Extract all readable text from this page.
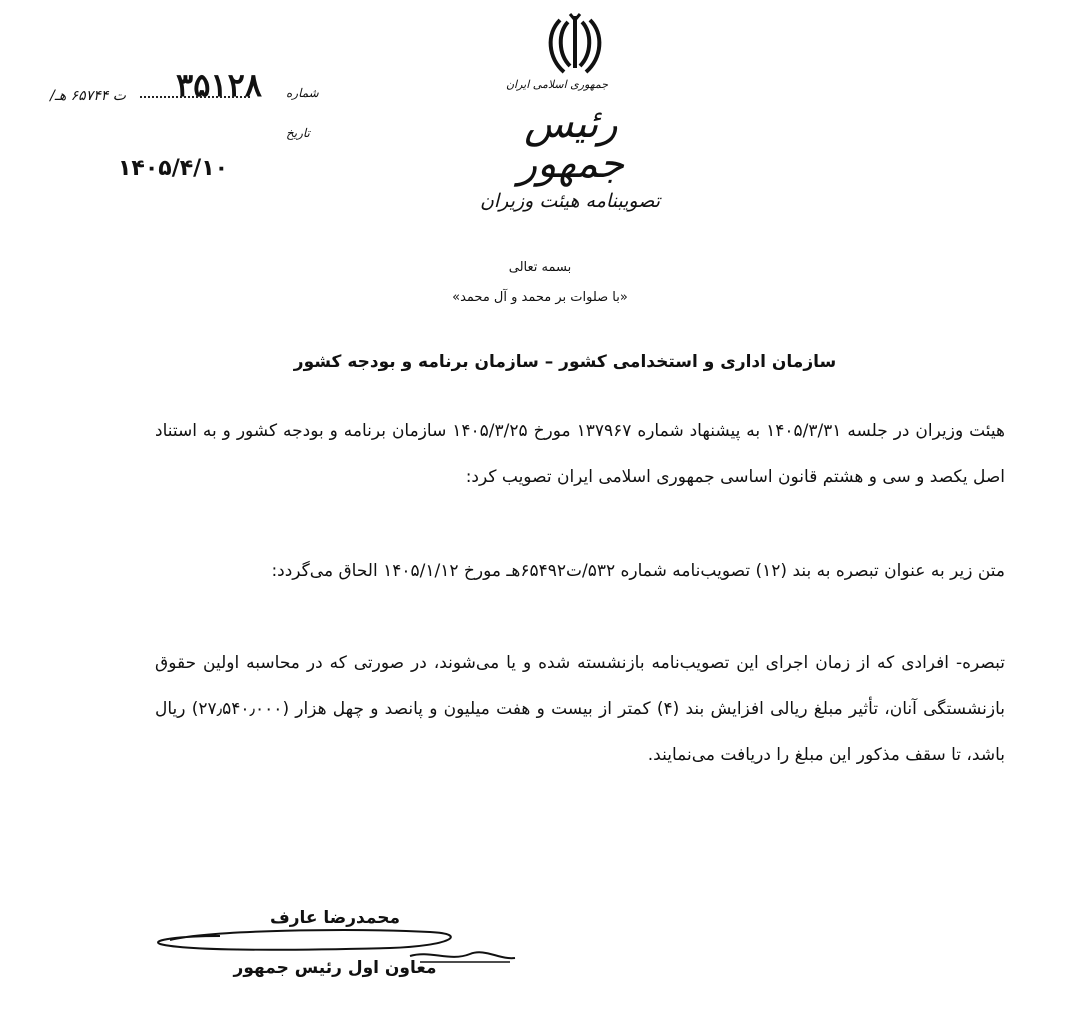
جمهوری اسلامی ایران
رئیس جمهور
تصویبنامه هیئت وزیران
شماره
۳۵۱۲۸
/ت ۶۵۷۴۴ هـ
تاریخ
۱۴۰۵/۴/۱۰
بسمه تعالی
«با صلوات بر محمد و آل محمد»
سازمان اداری و استخدامی کشور – سازمان برنامه و بودجه کشور
هیئت وزیران در جلسه ۱۴۰۵/۳/۳۱ به پیشنهاد شماره ۱۳۷۹۶۷ مورخ ۱۴۰۵/۳/۲۵ سازمان برنامه و بودجه کشور و به استناد اصل یکصد و سی و هشتم قانون اساسی جمهوری اسلامی ایران تصویب کرد:
متن زیر به عنوان تبصره به بند (۱۲) تصویب‌نامه شماره ۵۳۲/ت۶۵۴۹۲هـ مورخ ۱۴۰۵/۱/۱۲ الحاق می‌گردد:
تبصره- افرادی که از زمان اجرای این تصویب‌نامه بازنشسته شده و یا می‌شوند، در صورتی که در محاسبه اولین حقوق بازنشستگی آنان، تأثیر مبلغ ریالی افزایش بند (۴) کمتر از بیست و هفت میلیون و پانصد و چهل هزار (۲۷٫۵۴۰٫۰۰۰) ریال باشد، تا سقف مذکور این مبلغ را دریافت می‌نمایند.
محمدرضا عارف
معاون اول رئیس جمهور
